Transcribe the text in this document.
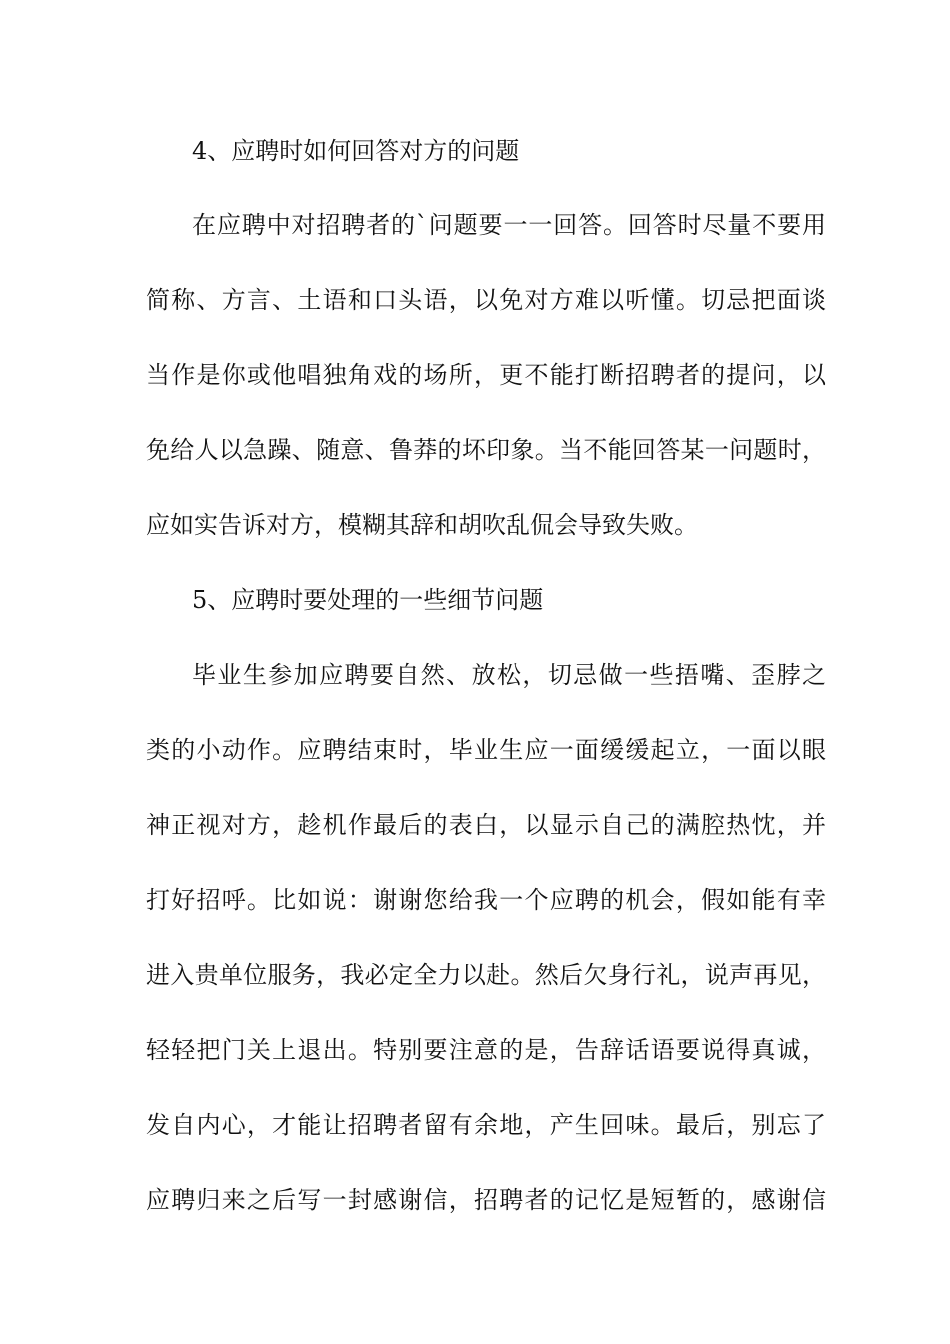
4、应聘时如何回答对方的问题
在应聘中对招聘者的`问题要一一回答。回答时尽量不要用
简称、方言、土语和口头语，以免对方难以听懂。切忌把面谈
当作是你或他唱独角戏的场所，更不能打断招聘者的提问，以
免给人以急躁、随意、鲁莽的坏印象。当不能回答某一问题时，
应如实告诉对方，模糊其辞和胡吹乱侃会导致失败。
5、应聘时要处理的一些细节问题
毕业生参加应聘要自然、放松，切忌做一些捂嘴、歪脖之
类的小动作。应聘结束时，毕业生应一面缓缓起立，一面以眼
神正视对方，趁机作最后的表白，以显示自己的满腔热忱，并
打好招呼。比如说：谢谢您给我一个应聘的机会，假如能有幸
进入贵单位服务，我必定全力以赴。然后欠身行礼，说声再见，
轻轻把门关上退出。特别要注意的是，告辞话语要说得真诚，
发自内心，才能让招聘者留有余地，产生回味。最后，别忘了
应聘归来之后写一封感谢信，招聘者的记忆是短暂的，感谢信
